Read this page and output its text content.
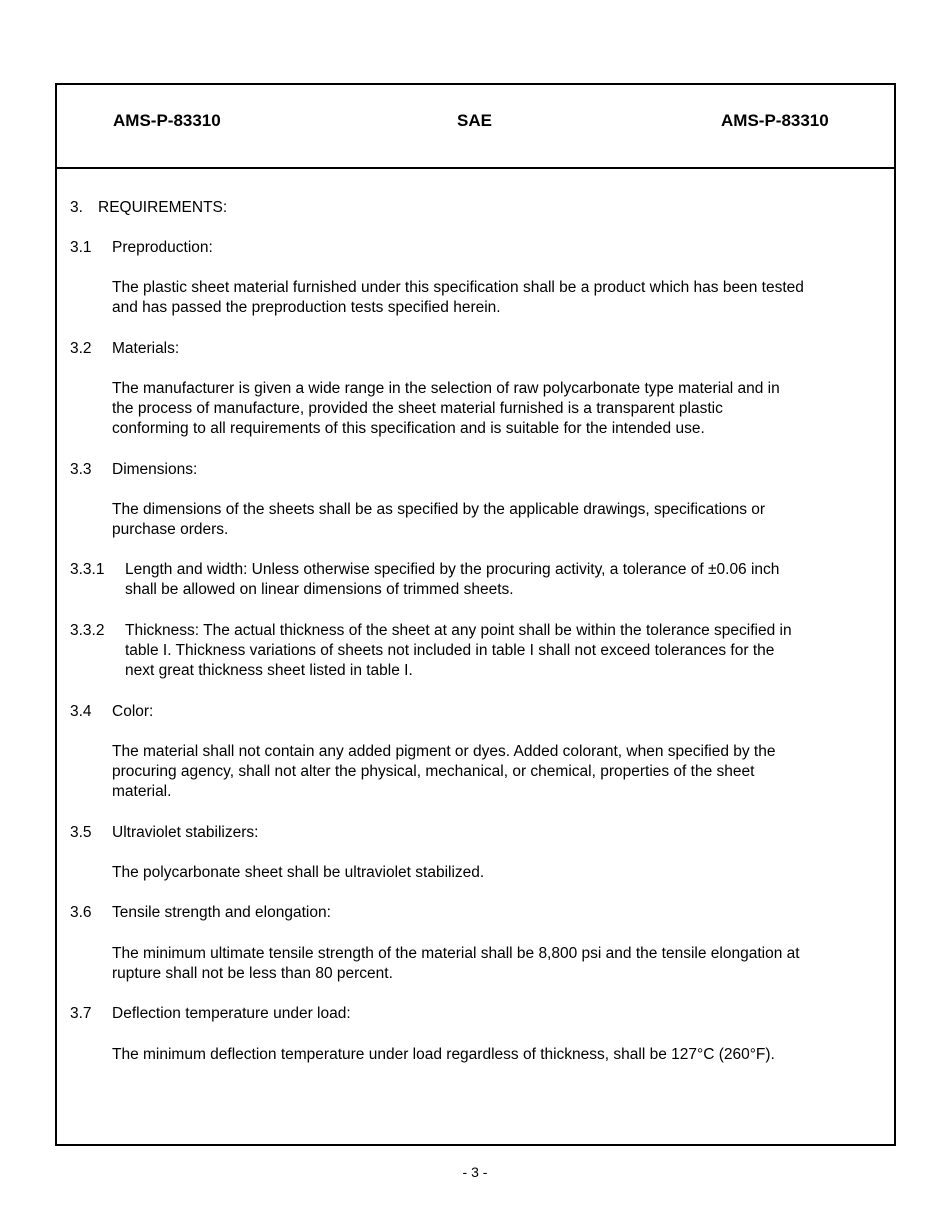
AMS-P-83310	SAE	AMS-P-83310
3. REQUIREMENTS:
3.1 Preproduction:
The plastic sheet material furnished under this specification shall be a product which has been tested
and has passed the preproduction tests specified herein.
3.2 Materials:
The manufacturer is given a wide range in the selection of raw polycarbonate type material and in
the process of manufacture, provided the sheet material furnished is a transparent plastic
conforming to all requirements of this specification and is suitable for the intended use.
3.3 Dimensions:
The dimensions of the sheets shall be as specified by the applicable drawings, specifications or
purchase orders.
3.3.1 Length and width: Unless otherwise specified by the procuring activity, a tolerance of ±0.06 inch
shall be allowed on linear dimensions of trimmed sheets.
3.3.2 Thickness: The actual thickness of the sheet at any point shall be within the tolerance specified in
table I. Thickness variations of sheets not included in table I shall not exceed tolerances for the
next great thickness sheet listed in table I.
3.4 Color:
The material shall not contain any added pigment or dyes. Added colorant, when specified by the
procuring agency, shall not alter the physical, mechanical, or chemical, properties of the sheet
material.
3.5 Ultraviolet stabilizers:
The polycarbonate sheet shall be ultraviolet stabilized.
3.6 Tensile strength and elongation:
The minimum ultimate tensile strength of the material shall be 8,800 psi and the tensile elongation at
rupture shall not be less than 80 percent.
3.7 Deflection temperature under load:
The minimum deflection temperature under load regardless of thickness, shall be 127°C (260°F).
- 3 -
